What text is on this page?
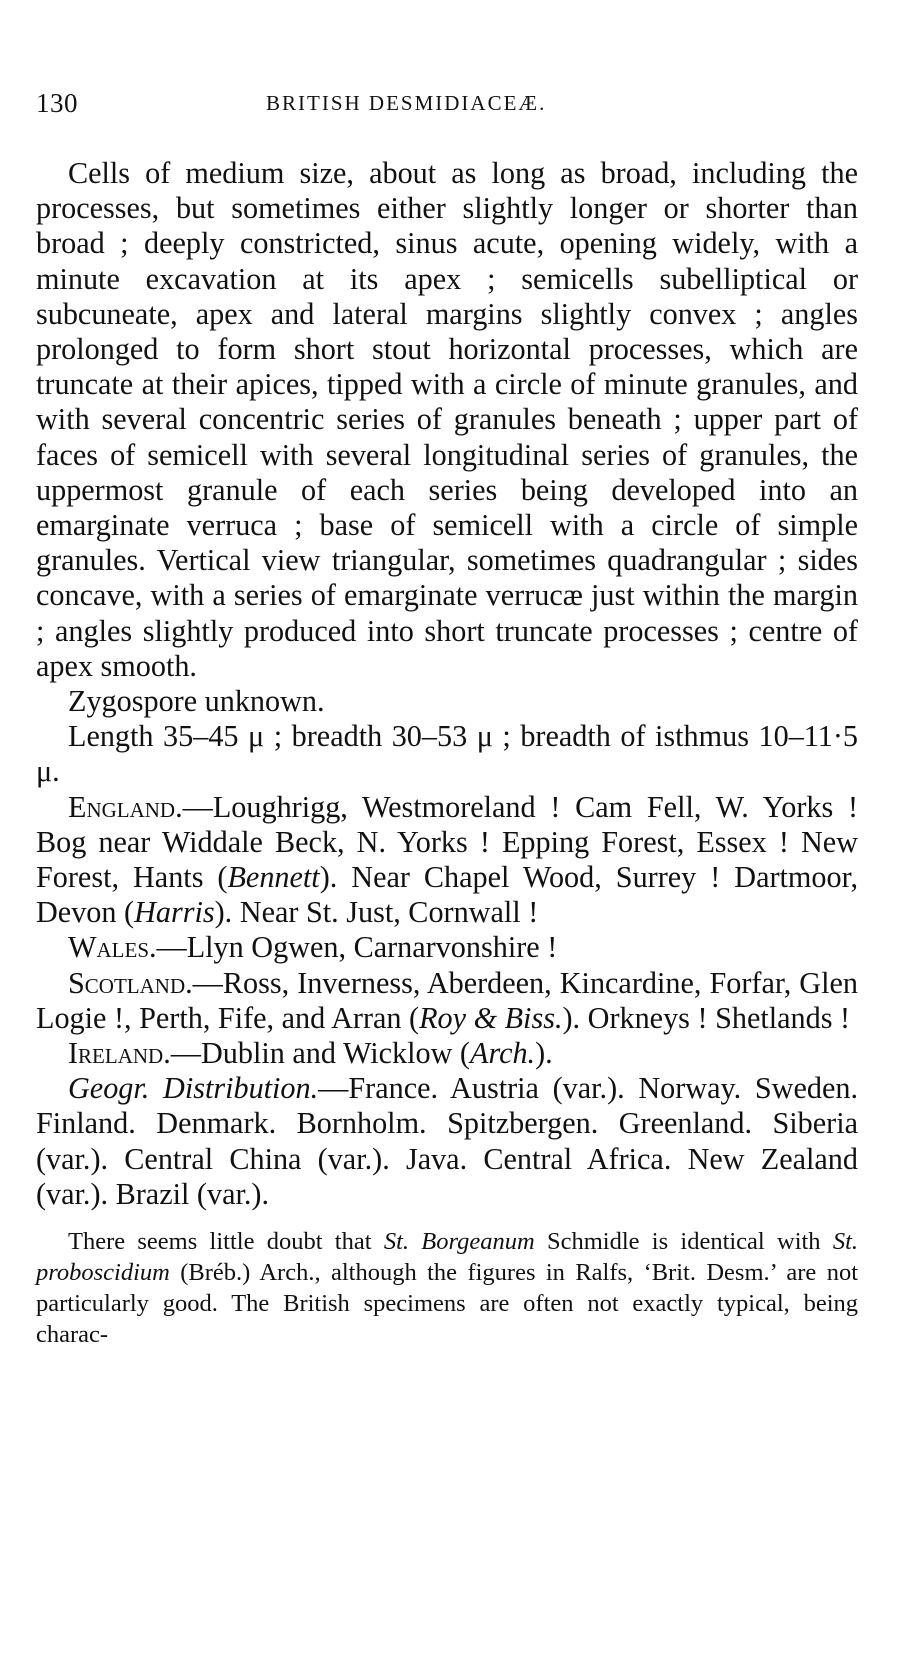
130	BRITISH DESMIDIACEÆ.

Cells of medium size, about as long as broad, including the processes, but sometimes either slightly longer or shorter than broad ; deeply constricted, sinus acute, opening widely, with a minute excavation at its apex ; semicells subelliptical or subcuneate, apex and lateral margins slightly convex ; angles prolonged to form short stout horizontal processes, which are truncate at their apices, tipped with a circle of minute granules, and with several concentric series of granules beneath ; upper part of faces of semicell with several longitudinal series of granules, the uppermost granule of each series being developed into an emarginate verruca ; base of semicell with a circle of simple granules. Vertical view triangular, sometimes quadrangular ; sides concave, with a series of emarginate verrucæ just within the margin ; angles slightly produced into short truncate processes ; centre of apex smooth.

Zygospore unknown.

Length 35–45 μ ; breadth 30–53 μ ; breadth of isthmus 10–11·5 μ.

England.—Loughrigg, Westmoreland ! Cam Fell, W. Yorks ! Bog near Widdale Beck, N. Yorks ! Epping Forest, Essex ! New Forest, Hants (Bennett). Near Chapel Wood, Surrey ! Dartmoor, Devon (Harris). Near St. Just, Cornwall !

Wales.—Llyn Ogwen, Carnarvonshire !

Scotland.—Ross, Inverness, Aberdeen, Kincardine, Forfar, Glen Logie !, Perth, Fife, and Arran (Roy & Biss.). Orkneys ! Shetlands !

Ireland.—Dublin and Wicklow (Arch.).

Geogr. Distribution.—France. Austria (var.). Norway. Sweden. Finland. Denmark. Bornholm. Spitzbergen. Greenland. Siberia (var.). Central China (var.). Java. Central Africa. New Zealand (var.). Brazil (var.).

There seems little doubt that St. Borgeanum Schmidle is identical with St. proboscidium (Bréb.) Arch., although the figures in Ralfs, ‘Brit. Desm.’ are not particularly good. The British specimens are often not exactly typical, being charac-
